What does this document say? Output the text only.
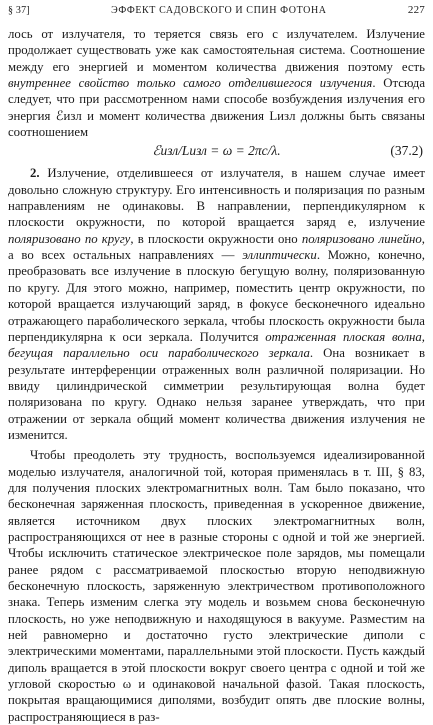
§ 37]	ЭФФЕКТ САДОВСКОГО И СПИН ФОТОНА	227

лось от излучателя, то теряется связь его с излучателем. Излучение продолжает существовать уже как самостоятельная система. Соотношение между его энергией и моментом количества движения поэтому есть внутреннее свойство только самого отделившегося излучения. Отсюда следует, что при рассмотренном нами способе возбуждения излучения его энергия ℰизл и момент количества движения Lизл должны быть связаны соотношением

ℰизл/Lизл = ω = 2πc/λ.	(37.2)

2. Излучение, отделившееся от излучателя, в нашем случае имеет довольно сложную структуру. Его интенсивность и поляризация по разным направлениям не одинаковы. В направлении, перпендикулярном к плоскости окружности, по которой вращается заряд e, излучение поляризовано по кругу, в плоскости окружности оно поляризовано линейно, а во всех остальных направлениях — эллиптически. Можно, конечно, преобразовать все излучение в плоскую бегущую волну, поляризованную по кругу. Для этого можно, например, поместить центр окружности, по которой вращается излучающий заряд, в фокусе бесконечного идеально отражающего параболического зеркала, чтобы плоскость окружности была перпендикулярна к оси зеркала. Получится отраженная плоская волна, бегущая параллельно оси параболического зеркала. Она возникает в результате интерференции отраженных волн различной поляризации. Но ввиду цилиндрической симметрии результирующая волна будет поляризована по кругу. Однако нельзя заранее утверждать, что при отражении от зеркала общий момент количества движения излучения не изменится.

Чтобы преодолеть эту трудность, воспользуемся идеализированной моделью излучателя, аналогичной той, которая применялась в т. III, § 83, для получения плоских электромагнитных волн. Там было показано, что бесконечная заряженная плоскость, приведенная в ускоренное движение, является источником двух плоских электромагнитных волн, распространяющихся от нее в разные стороны с одной и той же энергией. Чтобы исключить статическое электрическое поле зарядов, мы помещали ранее рядом с рассматриваемой плоскостью вторую неподвижную бесконечную плоскость, заряженную электричеством противоположного знака. Теперь изменим слегка эту модель и возьмем снова бесконечную плоскость, но уже неподвижную и находящуюся в вакууме. Разместим на ней равномерно и достаточно густо электрические диполи с электрическими моментами, параллельными этой плоскости. Пусть каждый диполь вращается в этой плоскости вокруг своего центра с одной и той же угловой скоростью ω и одинаковой начальной фазой. Такая плоскость, покрытая вращающимися диполями, возбудит опять две плоские волны, распространяющиеся в раз-
